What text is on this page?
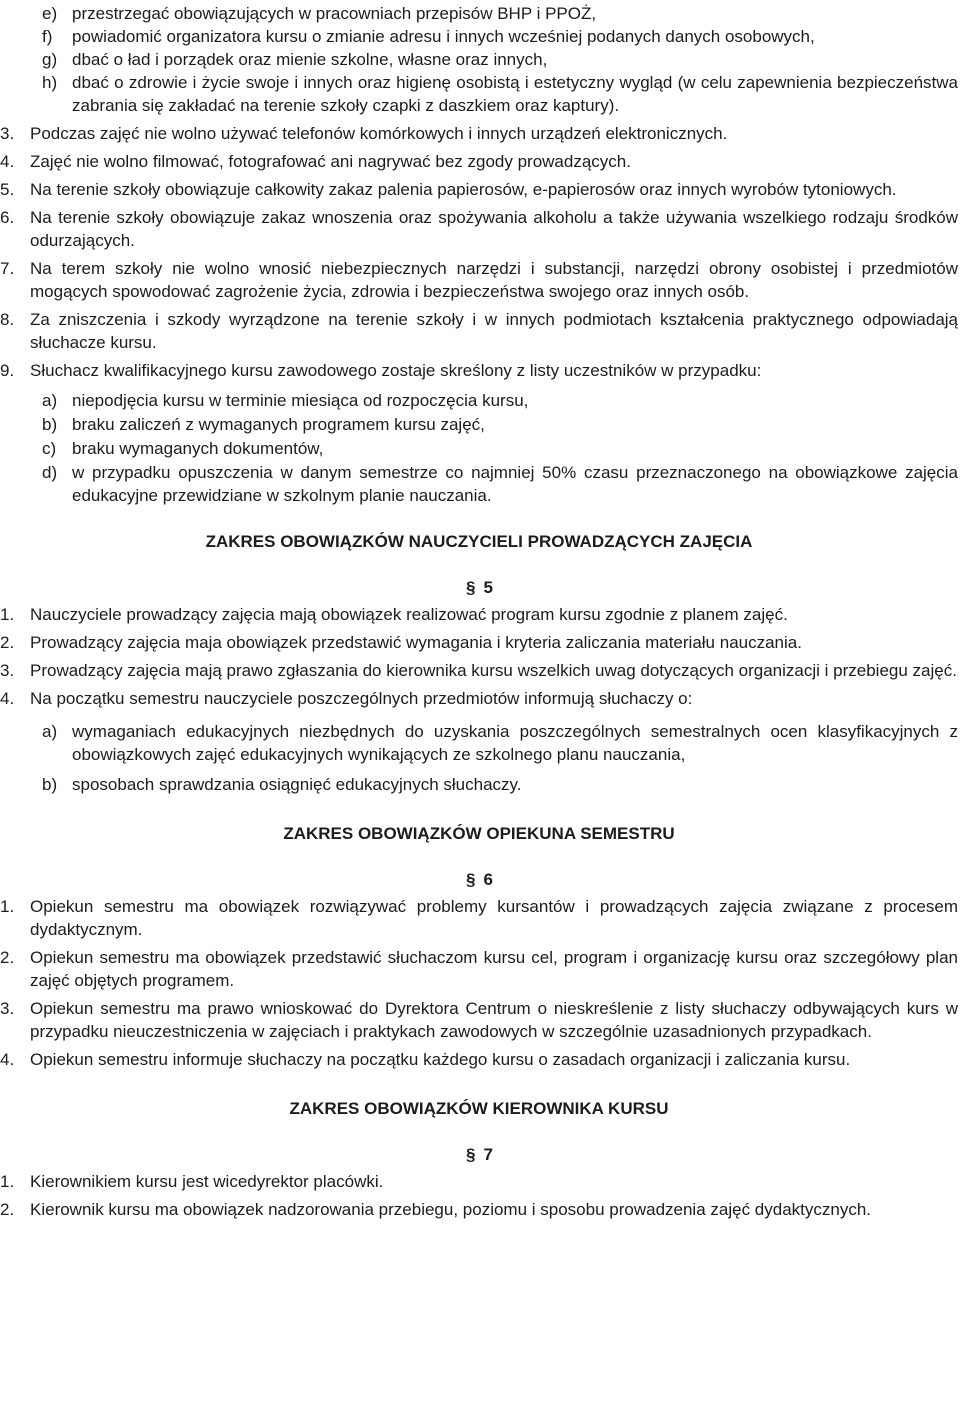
e) przestrzegać obowiązujących w pracowniach przepisów BHP i PPOŻ,
f) powiadomić organizatora kursu o zmianie adresu i innych wcześniej podanych danych osobowych,
g) dbać o ład i porządek oraz mienie szkolne, własne oraz innych,
h) dbać o zdrowie i życie swoje i innych oraz higienę osobistą i estetyczny wygląd (w celu zapewnienia bezpieczeństwa zabrania się zakładać na terenie szkoły czapki z daszkiem oraz kaptury).
3. Podczas zajęć nie wolno używać telefonów komórkowych i innych urządzeń elektronicznych.
4. Zajęć nie wolno filmować, fotografować ani nagrywać bez zgody prowadzących.
5. Na terenie szkoły obowiązuje całkowity zakaz palenia papierosów, e-papierosów oraz innych wyrobów tytoniowych.
6. Na terenie szkoły obowiązuje zakaz wnoszenia oraz spożywania alkoholu a także używania wszelkiego rodzaju środków odurzających.
7. Na terem szkoły nie wolno wnosić niebezpiecznych narzędzi i substancji, narzędzi obrony osobistej i przedmiotów mogących spowodować zagrożenie życia, zdrowia i bezpieczeństwa swojego oraz innych osób.
8. Za zniszczenia i szkody wyrządzone na terenie szkoły i w innych podmiotach kształcenia praktycznego odpowiadają słuchacze kursu.
9. Słuchacz kwalifikacyjnego kursu zawodowego zostaje skreślony z listy uczestników w przypadku:
a) niepodjęcia kursu w terminie miesiąca od rozpoczęcia kursu,
b) braku zaliczeń z wymaganych programem kursu zajęć,
c) braku wymaganych dokumentów,
d) w przypadku opuszczenia w danym semestrze co najmniej 50% czasu przeznaczonego na obowiązkowe zajęcia edukacyjne przewidziane w szkolnym planie nauczania.
ZAKRES OBOWIĄZKÓW NAUCZYCIELI PROWADZĄCYCH ZAJĘCIA
§ 5
1. Nauczyciele prowadzący zajęcia mają obowiązek realizować program kursu zgodnie z planem zajęć.
2. Prowadzący zajęcia maja obowiązek przedstawić wymagania i kryteria zaliczania materiału nauczania.
3. Prowadzący zajęcia mają prawo zgłaszania do kierownika kursu wszelkich uwag dotyczących organizacji i przebiegu zajęć.
4. Na początku semestru nauczyciele poszczególnych przedmiotów informują słuchaczy o:
a) wymaganiach edukacyjnych niezbędnych do uzyskania poszczególnych semestralnych ocen klasyfikacyjnych z obowiązkowych zajęć edukacyjnych wynikających ze szkolnego planu nauczania,
b) sposobach sprawdzania osiągnięć edukacyjnych słuchaczy.
ZAKRES OBOWIĄZKÓW OPIEKUNA SEMESTRU
§ 6
1. Opiekun semestru ma obowiązek rozwiązywać problemy kursantów i prowadzących zajęcia związane z procesem dydaktycznym.
2. Opiekun semestru ma obowiązek przedstawić słuchaczom kursu cel, program i organizację kursu oraz szczegółowy plan zajęć objętych programem.
3. Opiekun semestru ma prawo wnioskować do Dyrektora Centrum o nieskreślenie z listy słuchaczy odbywających kurs w przypadku nieuczestniczenia w zajęciach i praktykach zawodowych w szczególnie uzasadnionych przypadkach.
4. Opiekun semestru informuje słuchaczy na początku każdego kursu o zasadach organizacji i zaliczania kursu.
ZAKRES OBOWIĄZKÓW KIEROWNIKA KURSU
§ 7
1. Kierownikiem kursu jest wicedyrektor placówki.
2. Kierownik kursu ma obowiązek nadzorowania przebiegu, poziomu i sposobu prowadzenia zajęć dydaktycznych.
